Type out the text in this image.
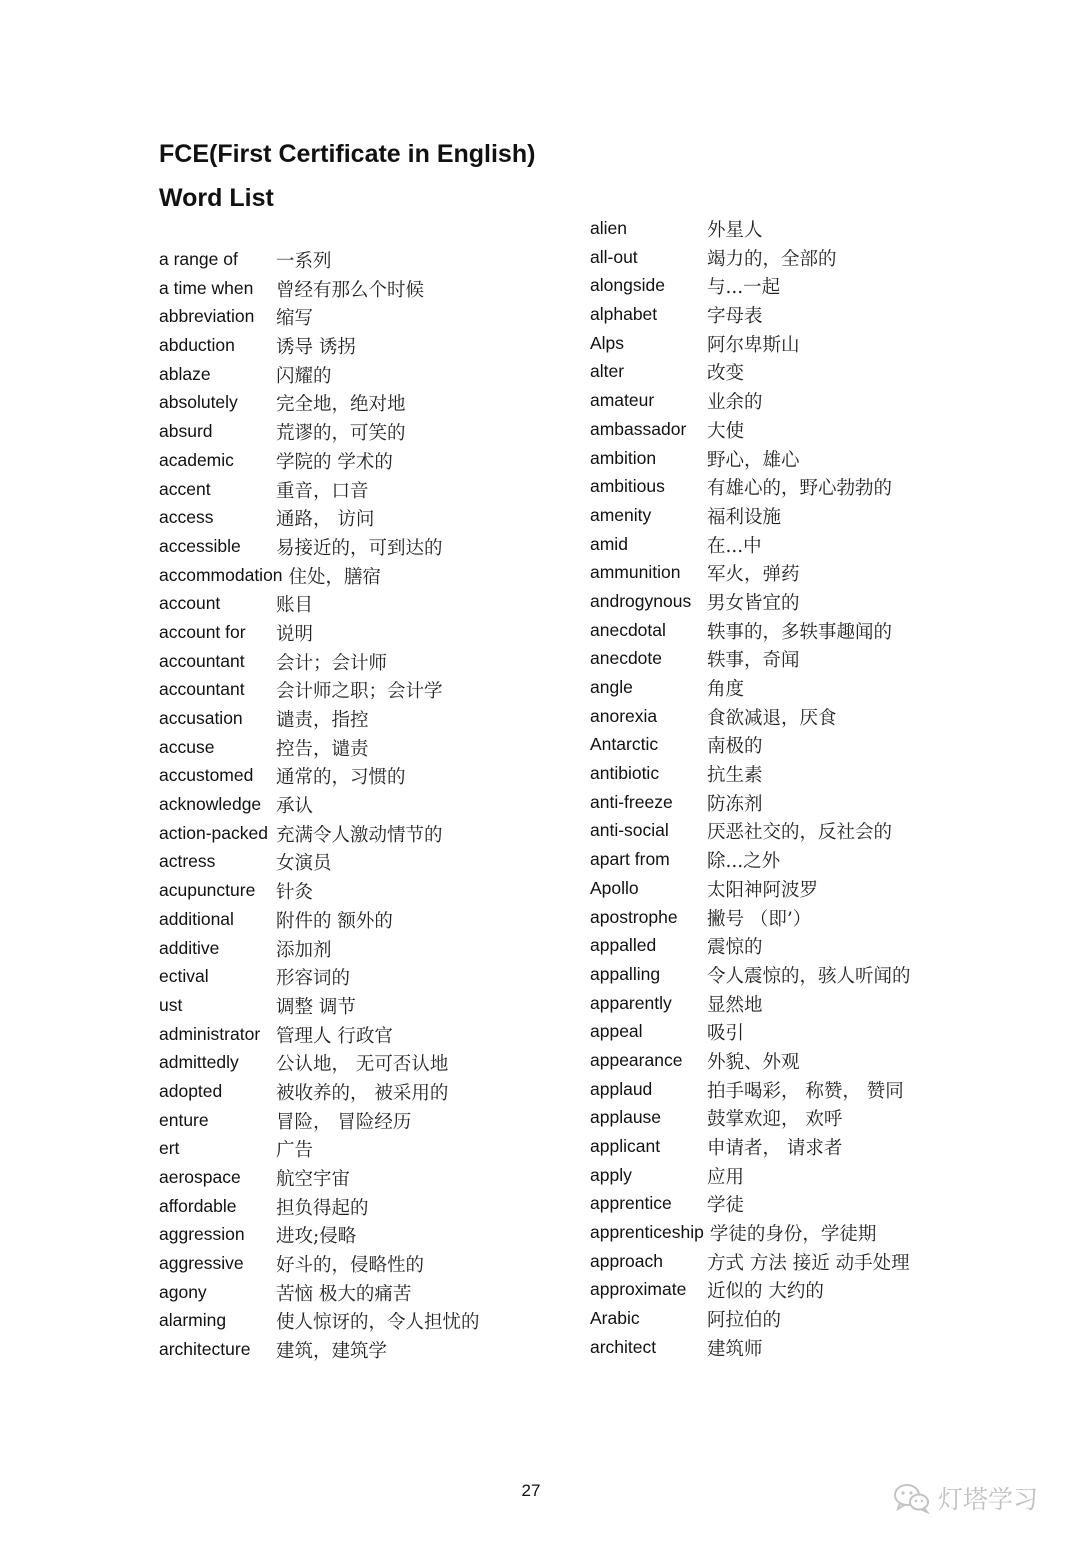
FCE(First Certificate in English)
Word List
a range of 一系列
a time when 曾经有那么个时候
abbreviation 缩写
abduction 诱导 诱拐
ablaze	闪耀的
absolutely 完全地，绝对地
absurd	荒谬的，可笑的
academic 学院的 学术的
accent	重音，口音
access	通路， 访问
accessible 易接近的，可到达的
accommodation 住处，膳宿
account	账目
account for 说明
accountant 会计；会计师
accountant 会计师之职；会计学
accusation 谴责，指控
accuse	控告，谴责
accustomed 通常的，习惯的
acknowledge 承认
action-packed 充满令人激动情节的
actress	女演员
acupuncture 针灸
additional 附件的 额外的
additive	添加剂
ectival	形容词的
ust	调整 调节
administrator 管理人 行政官
admittedly 公认地， 无可否认地
adopted	被收养的， 被采用的
enture	冒险， 冒险经历
ert	广告
aerospace 航空宇宙
affordable 担负得起的
aggression 进攻;侵略
aggressive 好斗的，侵略性的
agony	苦恼 极大的痛苦
alarming	使人惊讶的，令人担忧的
architecture 建筑，建筑学
alien	外星人
all-out	竭力的，全部的
alongside 与...一起
alphabet	字母表
Alps	阿尔卑斯山
alter	改变
amateur	业余的
ambassador 大使
ambition	野心，雄心
ambitious 有雄心的，野心勃勃的
amenity	福利设施
amid	在...中
ammunition 军火，弹药
androgynous 男女皆宜的
anecdotal 轶事的，多轶事趣闻的
anecdote 轶事，奇闻
angle	角度
anorexia	食欲减退，厌食
Antarctic	南极的
antibiotic	抗生素
anti-freeze 防冻剂
anti-social 厌恶社交的，反社会的
apart from 除...之外
Apollo	太阳神阿波罗
apostrophe 撇号 （即’）
appalled	震惊的
appalling	令人震惊的，骇人听闻的
apparently 显然地
appeal	吸引
appearance 外貌、外观
applaud	拍手喝彩， 称赞， 赞同
applause 鼓掌欢迎， 欢呼
applicant	申请者， 请求者
apply	应用
apprentice 学徒
apprenticeship 学徒的身份，学徒期
approach 方式 方法 接近 动手处理
approximate 近似的 大约的
Arabic	阿拉伯的
architect	建筑师
27	灯塔学习
